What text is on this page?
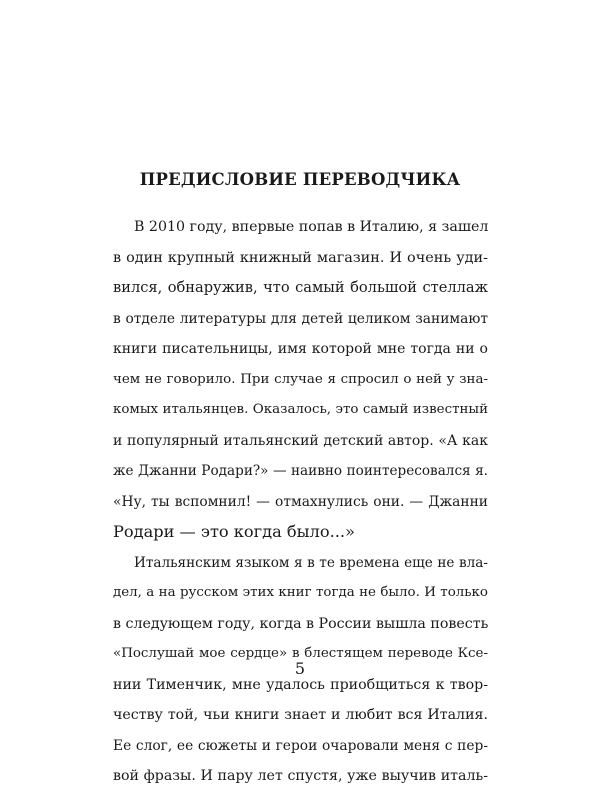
ПРЕДИСЛОВИЕ ПЕРЕВОДЧИКА
В 2010 году, впервые попав в Италию, я зашел
в один крупный книжный магазин. И очень уди-
вился, обнаружив, что самый большой стеллаж
в отделе литературы для детей целиком занимают
книги писательницы, имя которой мне тогда ни о
чем не говорило. При случае я спросил о ней у зна-
комых итальянцев. Оказалось, это самый известный
и популярный итальянский детский автор. «А как
же Джанни Родари?» — наивно поинтересовался я.
«Ну, ты вспомнил! — отмахнулись они. — Джанни
Родари — это когда было...»
Итальянским языком я в те времена еще не вла-
дел, а на русском этих книг тогда не было. И только
в следующем году, когда в России вышла повесть
«Послушай мое сердце» в блестящем переводе Ксе-
нии Тименчик, мне удалось приобщиться к твор-
честву той, чьи книги знает и любит вся Италия.
Ее слог, ее сюжеты и герои очаровали меня с пер-
вой фразы. И пару лет спустя, уже выучив италь-
5
